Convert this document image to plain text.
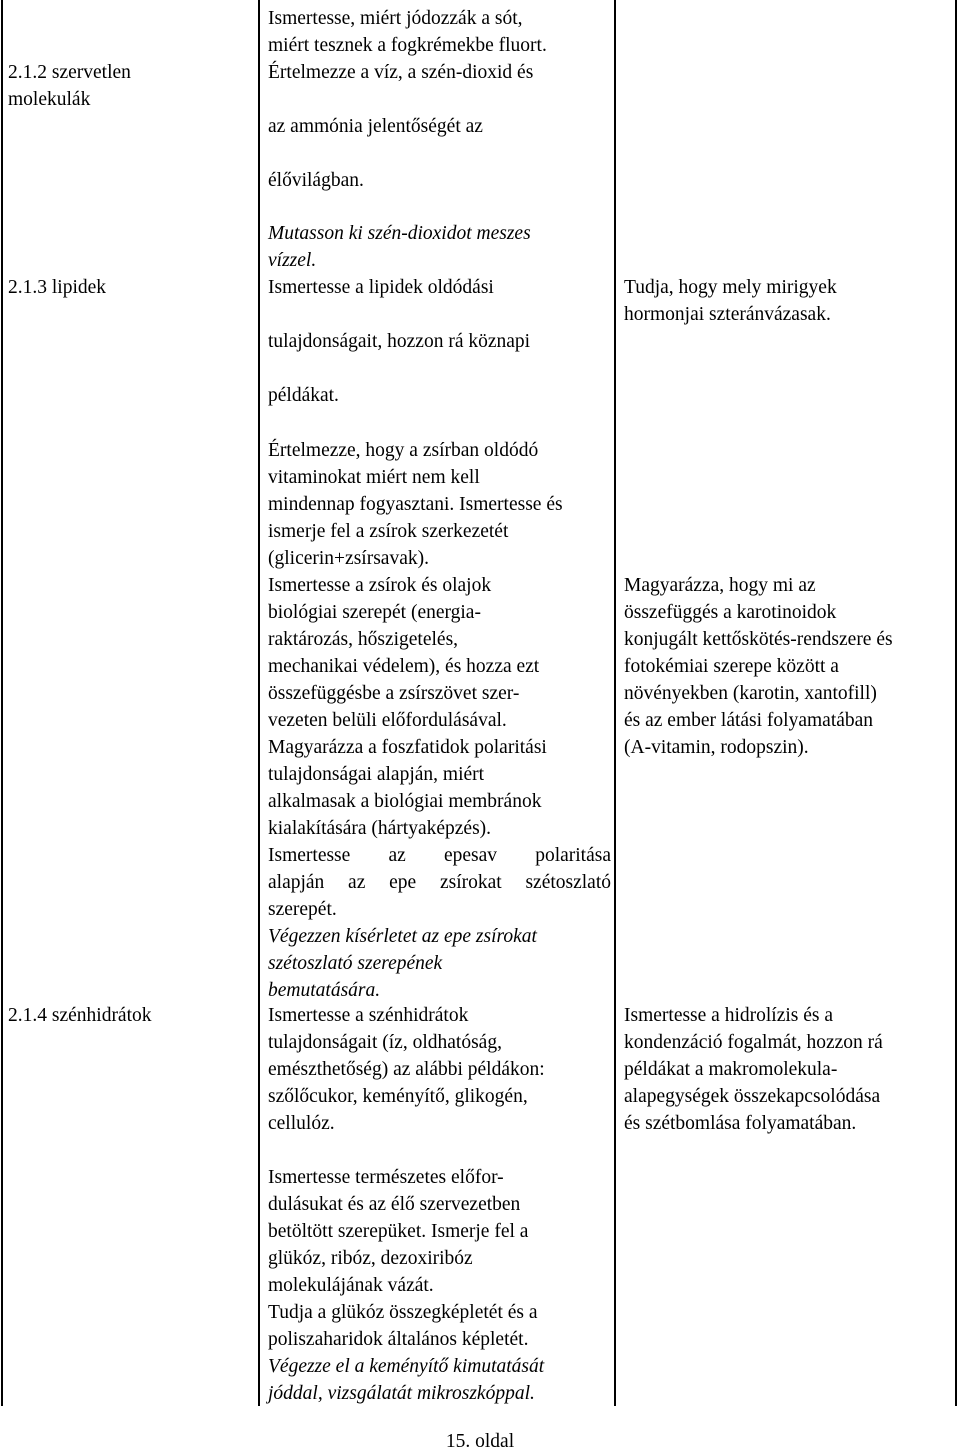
2.1.2 szervetlen
molekulák
2.1.3 lipidek
2.1.4 szénhidrátok
Ismertesse, miért jódozzák a sót,
miért tesznek a fogkrémekbe fluort.
Értelmezze a víz, a szén-dioxid és
az ammónia jelentőségét az
élővilágban.
Mutasson ki szén-dioxidot meszes
vízzel.
Ismertesse a lipidek oldódási
tulajdonságait, hozzon rá köznapi
példákat.
Értelmezze, hogy a zsírban oldódó
vitaminokat miért nem kell
mindennap fogyasztani. Ismertesse és
ismerje fel a zsírok szerkezetét
(glicerin+zsírsavak).
Ismertesse a zsírok és olajok
biológiai szerepét (energia-
raktározás, hőszigetelés,
mechanikai védelem), és hozza ezt
összefüggésbe a zsírszövet szer-
vezeten belüli előfordulásával.
Magyarázza a foszfatidok polaritási
tulajdonságai alapján, miért
alkalmasak a biológiai membránok
kialakítására (hártyaképzés).
Ismertesse az epesav polaritása
alapján az epe zsírokat szétoszlató
szerepét.
Végezzen kísérletet az epe zsírokat
szétoszlató szerepének
bemutatására.
Ismertesse a szénhidrátok
tulajdonságait (íz, oldhatóság,
emészthetőség) az alábbi példákon:
szőlőcukor, keményítő, glikogén,
cellulóz.
Ismertesse természetes előfor-
dulásukat és az élő szervezetben
betöltött szerepüket. Ismerje fel a
glükóz, ribóz, dezoxiribóz
molekulájának vázát.
Tudja a glükóz összegképletét és a
poliszaharidok általános képletét.
Végezze el a keményítő kimutatását
jóddal, vizsgálatát mikroszkóppal.
Tudja, hogy mely mirigyek
hormonjai szteránvázasak.
Magyarázza, hogy mi az
összefüggés a karotinoidok
konjugált kettőskötés-rendszere és
fotokémiai szerepe között a
növényekben (karotin, xantofill)
és az ember látási folyamatában
(A-vitamin, rodopszin).
Ismertesse a hidrolízis és a
kondenzáció fogalmát, hozzon rá
példákat a makromolekula-
alapegységek összekapcsolódása
és szétbomlása folyamatában.
15. oldal
